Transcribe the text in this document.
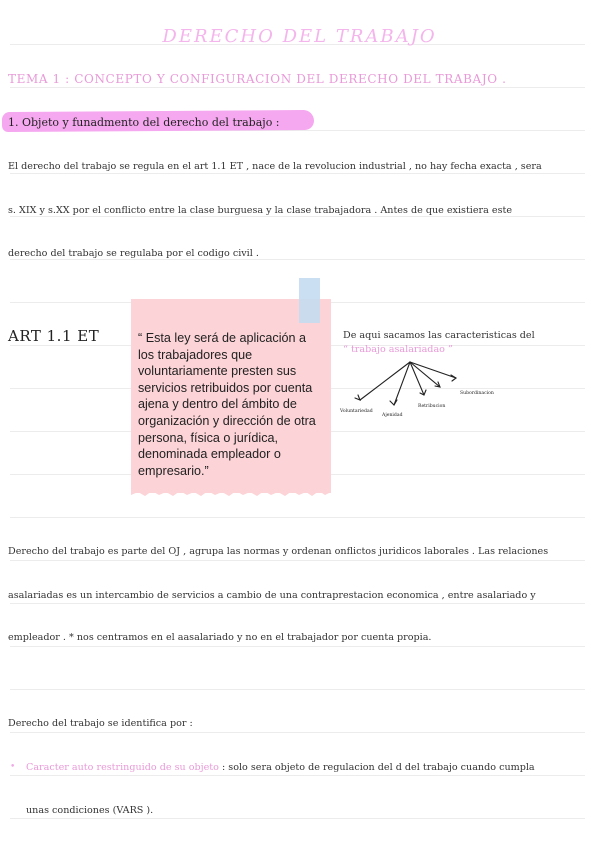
DERECHO DEL TRABAJO
TEMA 1 : CONCEPTO Y CONFIGURACION DEL DERECHO DEL TRABAJO .
1. Objeto y funadmento del derecho del trabajo :
El derecho del trabajo se regula en el art 1.1 ET , nace de la revolucion industrial , no hay fecha exacta , sera
s. XIX y s.XX por el conflicto entre la clase burguesa y la clase trabajadora . Antes de que existiera este
derecho del trabajo se regulaba por el codigo civil .
ART 1.1 ET	“ Esta ley será de aplicación a los trabajadores que voluntariamente presten sus servicios retribuidos por cuenta ajena y dentro del ámbito de organización y dirección de otra persona, física o jurídica, denominada empleador o empresario.”
De aqui sacamos las caracteristicas del
“ trabajo asalariadao ”
Voluntariedad
Ajenidad
Retribucion
Subordinacion
Derecho del trabajo es parte del OJ , agrupa las normas y ordenan onflictos juridicos laborales . Las relaciones
asalariadas es un intercambio de servicios a cambio de una contraprestacion economica , entre asalariado y
empleador . * nos centramos en el aasalariado y no en el trabajador por cuenta propia.
Derecho del trabajo se identifica por :
• Caracter auto restringuido de su objeto : solo sera objeto de regulacion del d del trabajo cuando cumpla
unas condiciones (VARS ).
